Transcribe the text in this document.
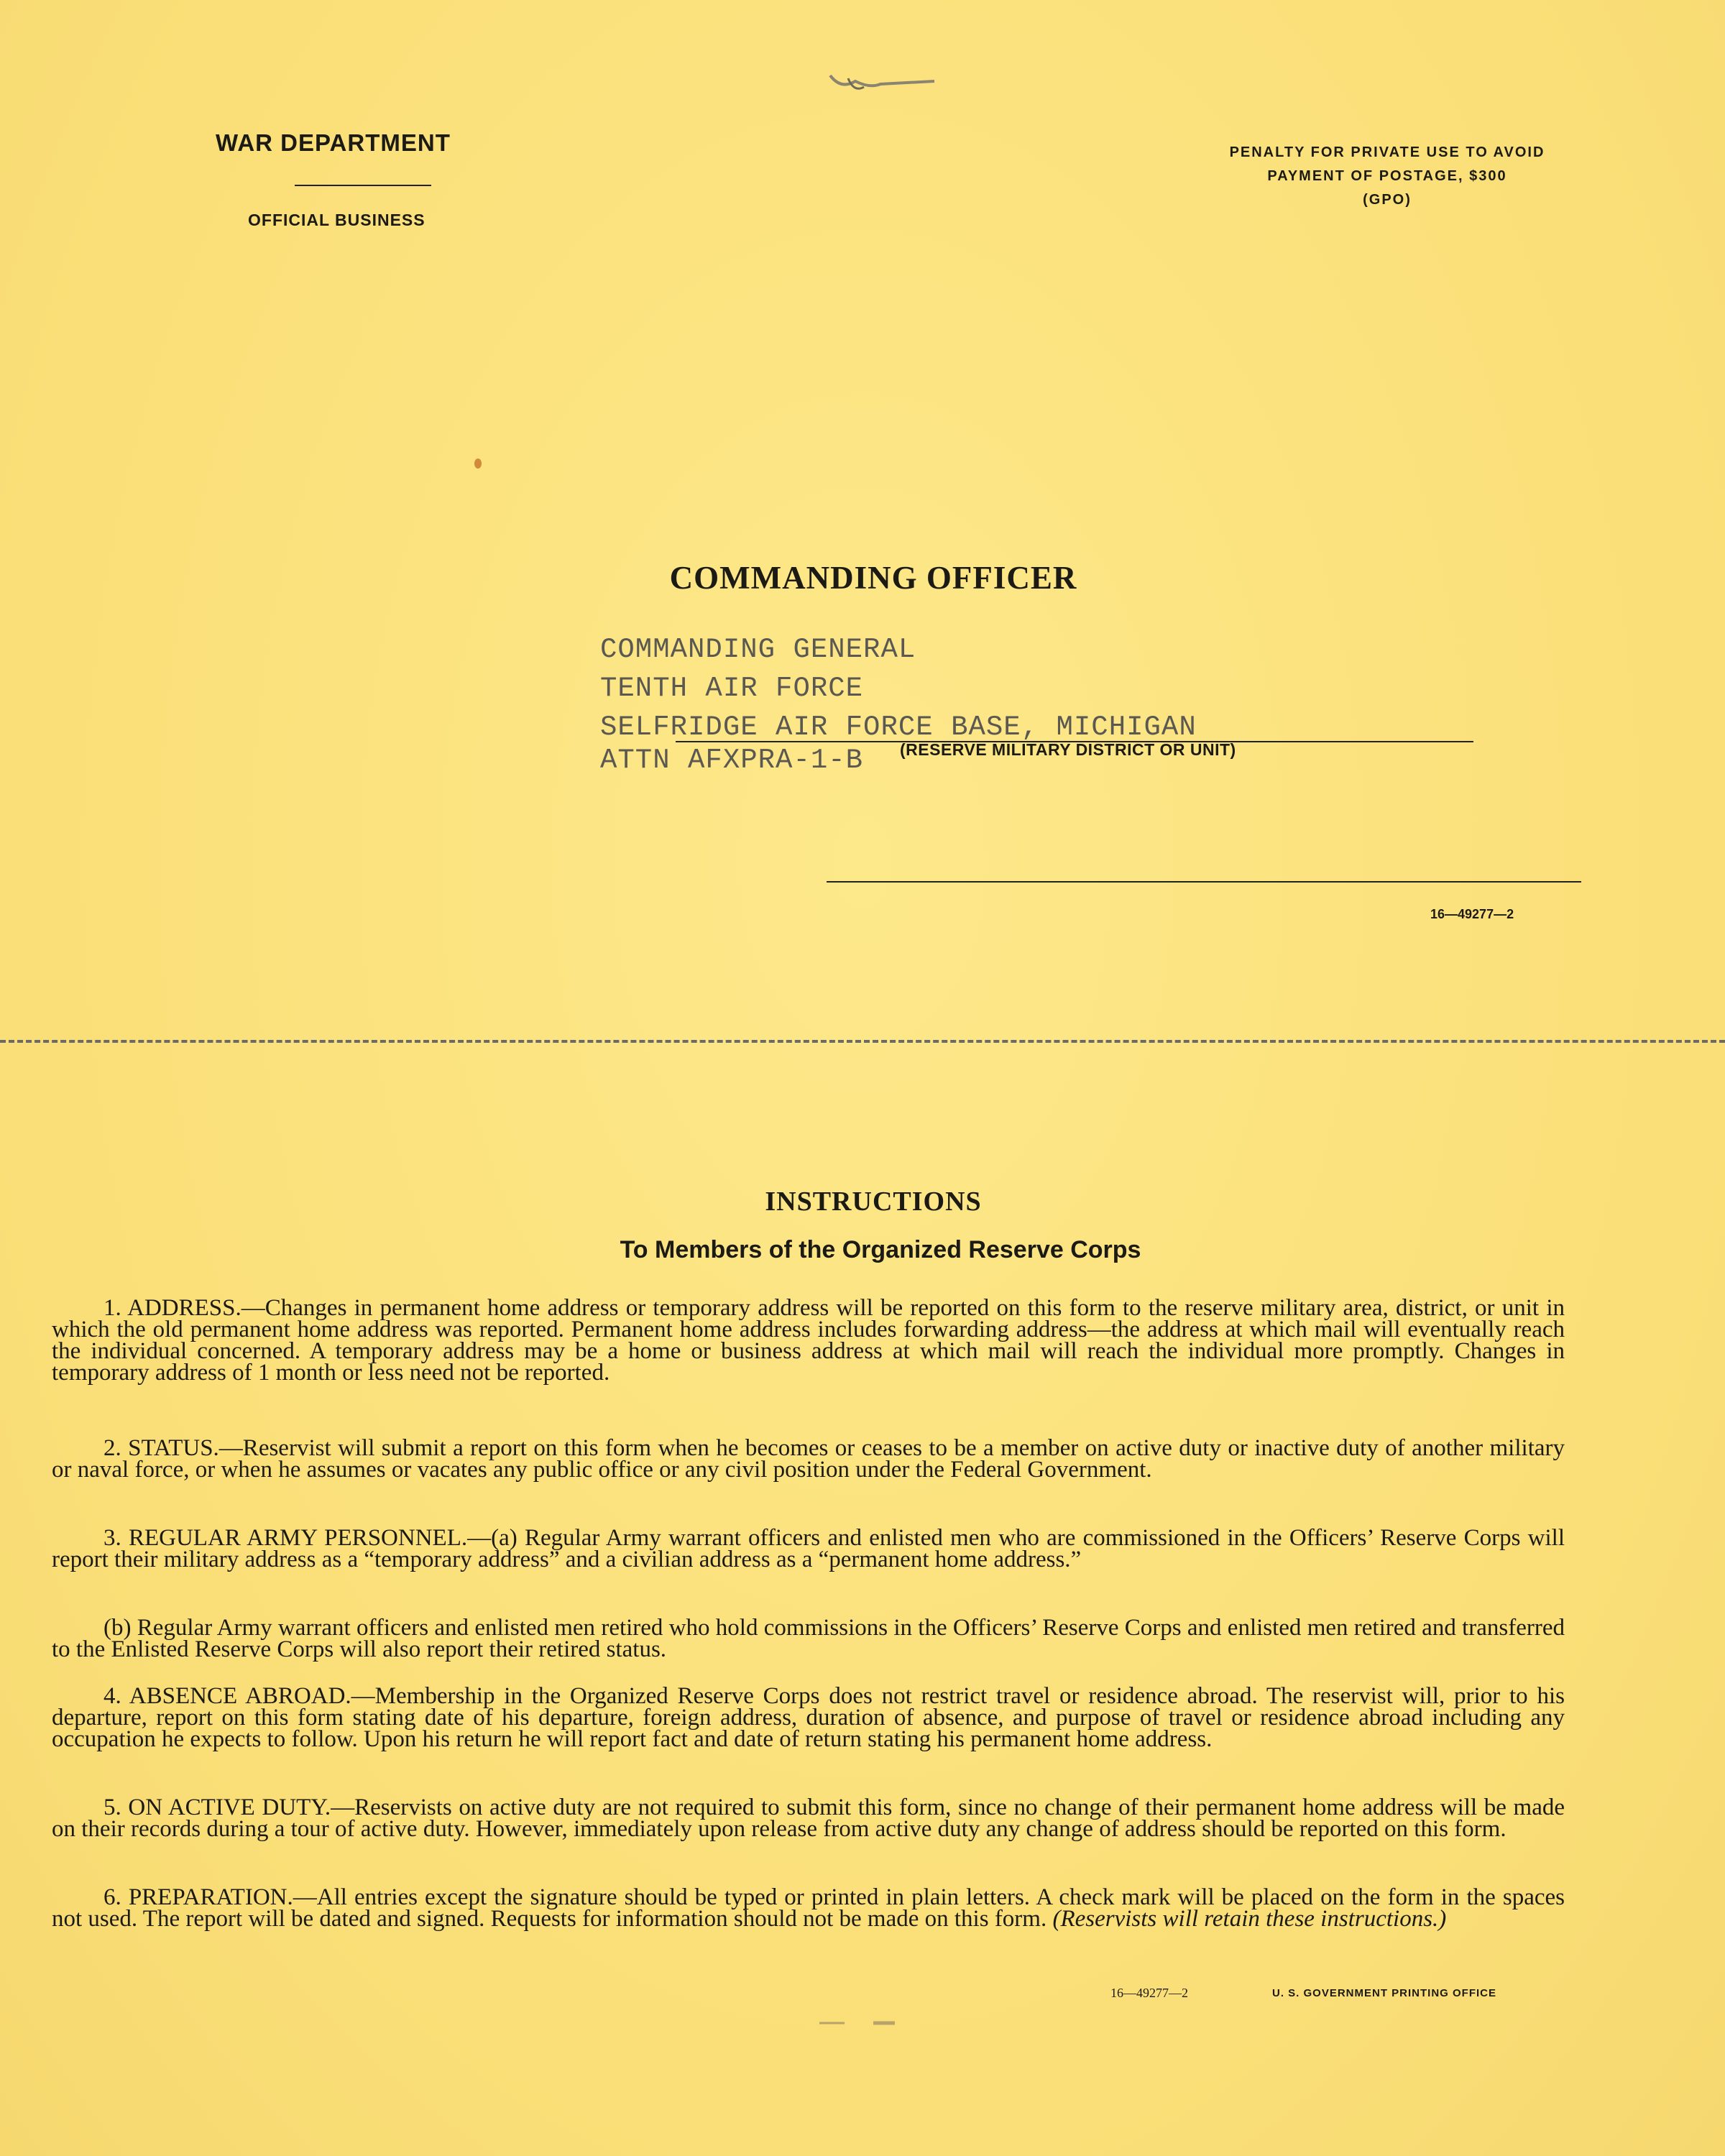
WAR DEPARTMENT
OFFICIAL BUSINESS
PENALTY FOR PRIVATE USE TO AVOID
PAYMENT OF POSTAGE, $300
(GPO)
COMMANDING OFFICER
COMMANDING GENERAL
TENTH AIR FORCE
SELFRIDGE AIR FORCE BASE, MICHIGAN
ATTN AFXPRA-1-B (RESERVE MILITARY DISTRICT OR UNIT)
16—49277—2
INSTRUCTIONS
To Members of the Organized Reserve Corps
1. ADDRESS.—Changes in permanent home address or temporary address will be reported on this form to the reserve military area, district, or unit in which the old permanent home address was reported. Permanent home address includes forwarding address—the address at which mail will eventually reach the individual concerned. A temporary address may be a home or business address at which mail will reach the individual more promptly. Changes in temporary address of 1 month or less need not be reported.
2. STATUS.—Reservist will submit a report on this form when he becomes or ceases to be a member on active duty or inactive duty of another military or naval force, or when he assumes or vacates any public office or any civil position under the Federal Government.
3. REGULAR ARMY PERSONNEL.—(a) Regular Army warrant officers and enlisted men who are commissioned in the Officers’ Reserve Corps will report their military address as a “temporary address” and a civilian address as a “permanent home address.”
(b) Regular Army warrant officers and enlisted men retired who hold commissions in the Officers’ Reserve Corps and enlisted men retired and transferred to the Enlisted Reserve Corps will also report their retired status.
4. ABSENCE ABROAD.—Membership in the Organized Reserve Corps does not restrict travel or residence abroad. The reservist will, prior to his departure, report on this form stating date of his departure, foreign address, duration of absence, and purpose of travel or residence abroad including any occupation he expects to follow. Upon his return he will report fact and date of return stating his permanent home address.
5. ON ACTIVE DUTY.—Reservists on active duty are not required to submit this form, since no change of their permanent home address will be made on their records during a tour of active duty. However, immediately upon release from active duty any change of address should be reported on this form.
6. PREPARATION.—All entries except the signature should be typed or printed in plain letters. A check mark will be placed on the form in the spaces not used. The report will be dated and signed. Requests for information should not be made on this form. (Reservists will retain these instructions.)
16—49277—2	U. S. GOVERNMENT PRINTING OFFICE
